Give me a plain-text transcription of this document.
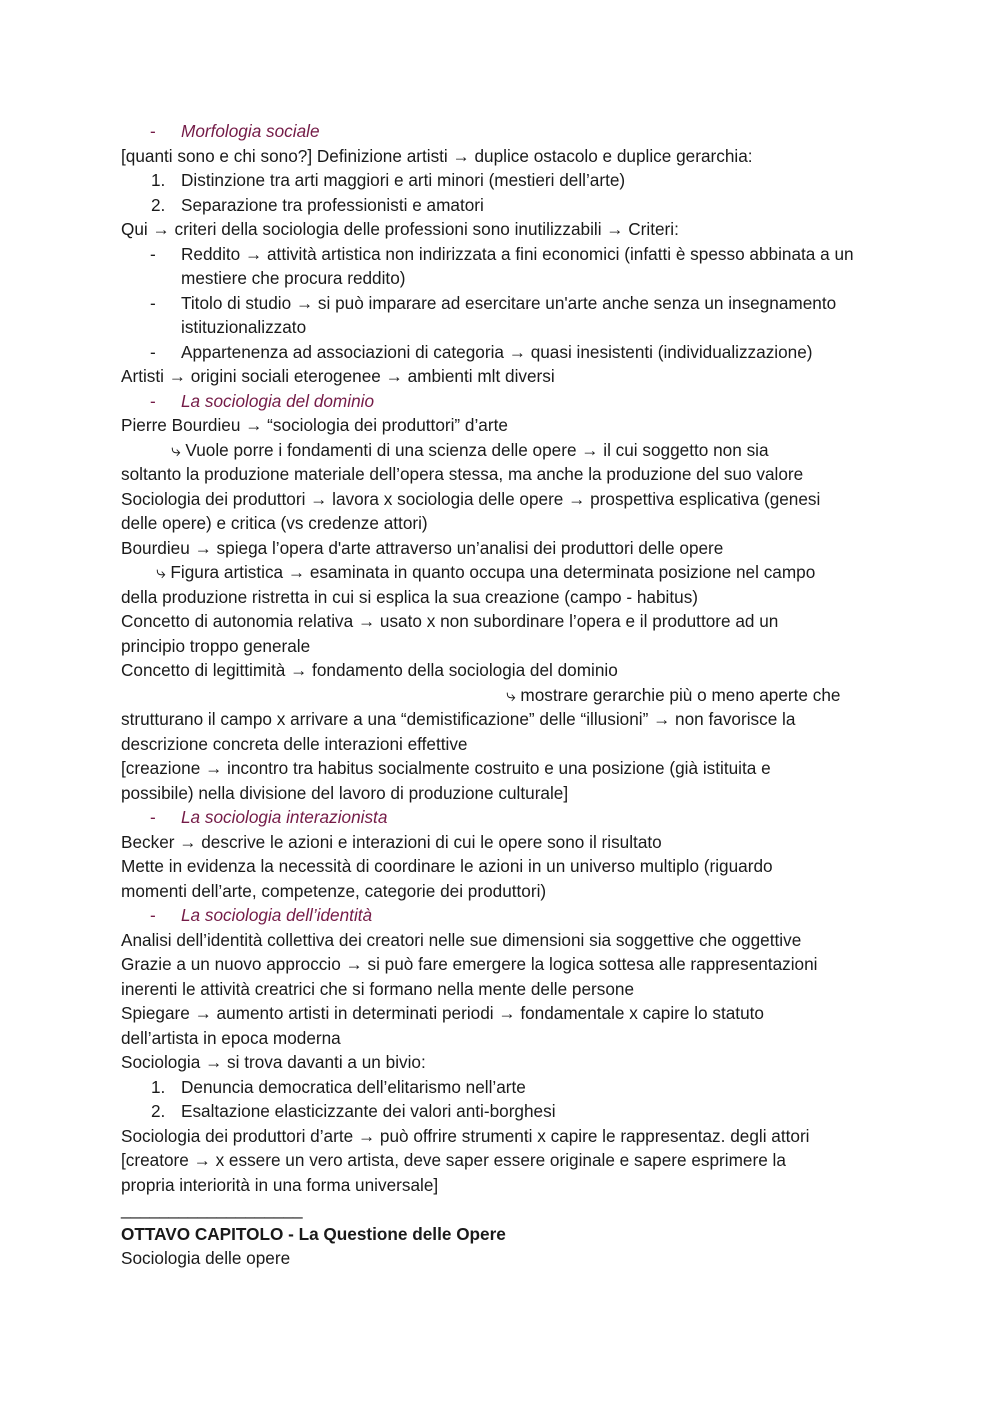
- Morfologia sociale
[quanti sono e chi sono?] Definizione artisti → duplice ostacolo e duplice gerarchia:
1. Distinzione tra arti maggiori e arti minori (mestieri dell’arte)
2. Separazione tra professionisti e amatori
Qui → criteri della sociologia delle professioni sono inutilizzabili → Criteri:
- Reddito → attività artistica non indirizzata a fini economici (infatti è spesso abbinata a un mestiere che procura reddito)
- Titolo di studio → si può imparare ad esercitare un'arte anche senza un insegnamento istituzionalizzato
- Appartenenza ad associazioni di categoria → quasi inesistenti (individualizzazione)
Artisti → origini sociali eterogenee → ambienti mlt diversi
- La sociologia del dominio
Pierre Bourdieu → “sociologia dei produttori” d’arte
⤷ Vuole porre i fondamenti di una scienza delle opere → il cui soggetto non sia
soltanto la produzione materiale dell’opera stessa, ma anche la produzione del suo valore
Sociologia dei produttori → lavora x sociologia delle opere → prospettiva esplicativa (genesi
delle opere) e critica (vs credenze attori)
Bourdieu → spiega l’opera d'arte attraverso un’analisi dei produttori delle opere
⤷ Figura artistica → esaminata in quanto occupa una determinata posizione nel campo
della produzione ristretta in cui si esplica la sua creazione (campo - habitus)
Concetto di autonomia relativa → usato x non subordinare l’opera e il produttore ad un
principio troppo generale
Concetto di legittimità → fondamento della sociologia del dominio
⤷ mostrare gerarchie più o meno aperte che
strutturano il campo x arrivare a una “demistificazione” delle “illusioni” → non favorisce la
descrizione concreta delle interazioni effettive
[creazione → incontro tra habitus socialmente costruito e una posizione (già istituita e
possibile) nella divisione del lavoro di produzione culturale]
- La sociologia interazionista
Becker → descrive le azioni e interazioni di cui le opere sono il risultato
Mette in evidenza la necessità di coordinare le azioni in un universo multiplo (riguardo
momenti dell’arte, competenze, categorie dei produttori)
- La sociologia dell’identità
Analisi dell’identità collettiva dei creatori nelle sue dimensioni sia soggettive che oggettive
Grazie a un nuovo approccio → si può fare emergere la logica sottesa alle rappresentazioni
inerenti le attività creatrici che si formano nella mente delle persone
Spiegare → aumento artisti in determinati periodi → fondamentale x capire lo statuto
dell’artista in epoca moderna
Sociologia → si trova davanti a un bivio:
1. Denuncia democratica dell’elitarismo nell’arte
2. Esaltazione elasticizzante dei valori anti-borghesi
Sociologia dei produttori d’arte → può offrire strumenti x capire le rappresentaz. degli attori
[creatore → x essere un vero artista, deve saper essere originale e sapere esprimere la
propria interiorità in una forma universale]
___________________
OTTAVO CAPITOLO - La Questione delle Opere
Sociologia delle opere
